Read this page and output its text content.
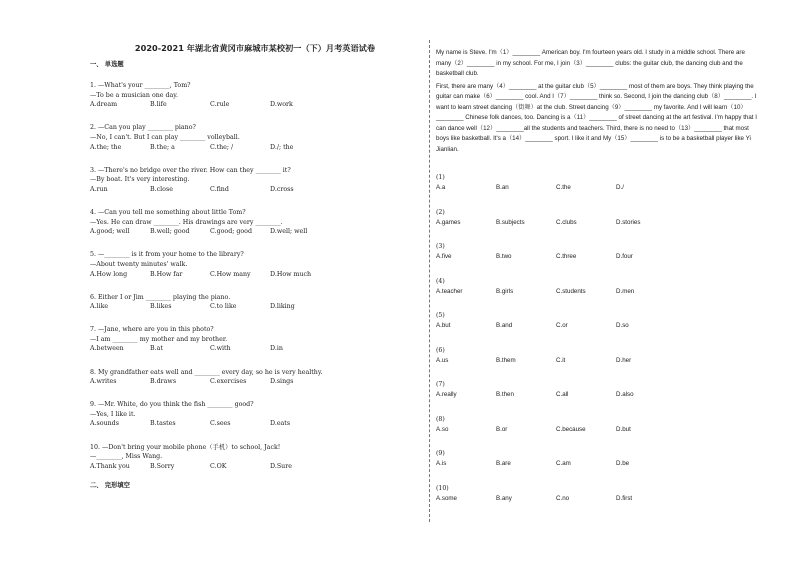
2020-2021 年湖北省黄冈市麻城市某校初一（下）月考英语试卷
一、 单选题
1. —What's your ________, Tom?
—To be a musician one day.
A.dream	B.life	C.rule	D.work
2. —Can you play ________ piano?
—No, I can't. But I can play ________ volleyball.
A.the; the	B.the; a	C.the; /	D./; the
3. —There's no bridge over the river. How can they ________ it?
—By boat. It's very interesting.
A.run	B.close	C.find	D.cross
4. —Can you tell me something about little Tom?
—Yes. He can draw ________. His drawings are very ________.
A.good; well	B.well; good	C.good; good	D.well; well
5. —________ is it from your home to the library?
—About twenty minutes' walk.
A.How long	B.How far	C.How many	D.How much
6. Either I or Jim ________ playing the piano.
A.like	B.likes	C.to like	D.liking
7. —Jane, where are you in this photo?
—I am ________ my mother and my brother.
A.between	B.at	C.with	D.in
8. My grandfather eats well and ________ every day, so he is very healthy.
A.writes	B.draws	C.exercises	D.sings
9. —Mr. White, do you think the fish ________ good?
—Yes, I like it.
A.sounds	B.tastes	C.sees	D.eats
10. —Don't bring your mobile phone（手机）to school, Jack!
—________, Miss Wang.
A.Thank you	B.Sorry	C.OK	D.Sure
二、 完形填空

My name is Steve. I'm（1）________ American boy. I'm fourteen years old. I study in a middle school. There are many（2）________ in my school. For me, I join（3）________ clubs: the guitar club, the dancing club and the basketball club.

First, there are many（4）________ at the guitar club（5）________ most of them are boys. They think playing the guitar can make（6）________ cool. And I（7）________ think so. Second, I join the dancing club（8）________. I want to learn street dancing（街舞）at the club. Street dancing（9）________ my favorite. And I will learn（10）________ Chinese folk dances, too. Dancing is a（11）________ of street dancing at the art festival. I'm happy that I can dance well（12）________all the students and teachers. Third, there is no need to（13）________ that most boys like basketball. It's a（14）________ sport. I like it and My（15）________ is to be a basketball player like Yi Jianlian.

(1)
A.a	B.an	C.the	D./
(2)
A.games	B.subjects	C.clubs	D.stories
(3)
A.five	B.two	C.three	D.four
(4)
A.teacher	B.girls	C.students	D.men
(5)
A.but	B.and	C.or	D.so
(6)
A.us	B.them	C.it	D.her
(7)
A.really	B.then	C.all	D.also
(8)
A.so	B.or	C.because	D.but
(9)
A.is	B.are	C.am	D.be
(10)
A.some	B.any	C.no	D.first
